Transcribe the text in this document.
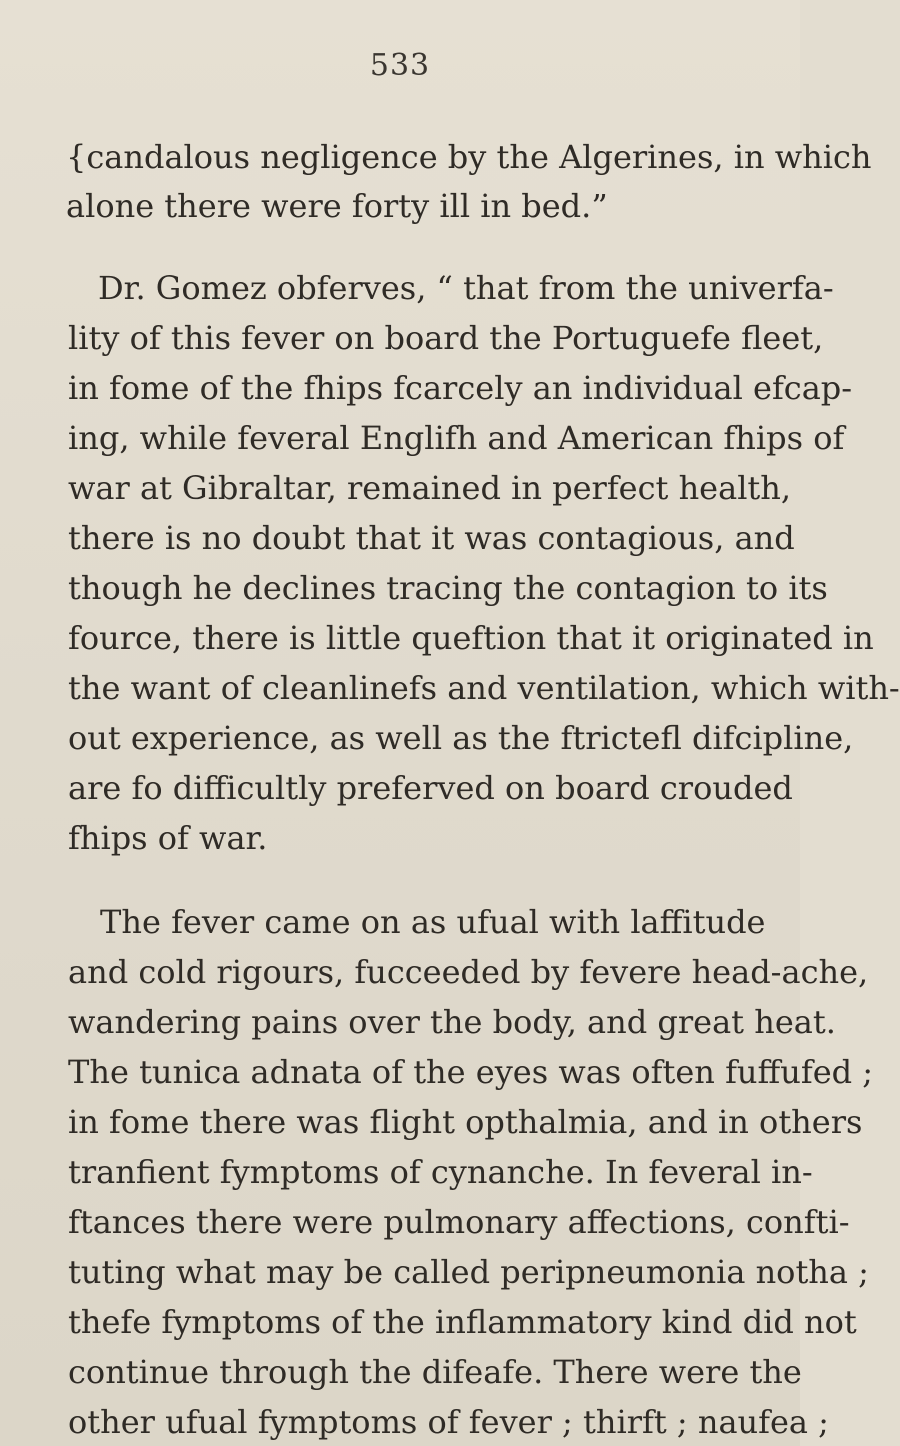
533
{candalous negligence by the Algerines, in which
alone there were forty ill in bed.”
Dr. Gomez obferves, “ that from the univerfa-
lity of this fever on board the Portuguefe fleet,
in fome of the fhips fcarcely an individual efcap-
ing, while feveral Englifh and American fhips of
war at Gibraltar, remained in perfect health,
there is no doubt that it was contagious, and
though he declines tracing the contagion to its
fource, there is little queftion that it originated in
the want of cleanlinefs and ventilation, which with-
out experience, as well as the ftrictefl difcipline,
are fo difficultly preferved on board crouded
fhips of war.
The fever came on as ufual with laffitude
and cold rigours, fucceeded by fevere head-ache,
wandering pains over the body, and great heat.
The tunica adnata of the eyes was often fuffufed ;
in fome there was flight opthalmia, and in others
tranfient fymptoms of cynanche. In feveral in-
ftances there were pulmonary affections, confti-
tuting what may be called peripneumonia notha ;
thefe fymptoms of the inflammatory kind did not
continue through the difeafe. There were the
other ufual fymptoms of fever ; thirft ; naufea ;
